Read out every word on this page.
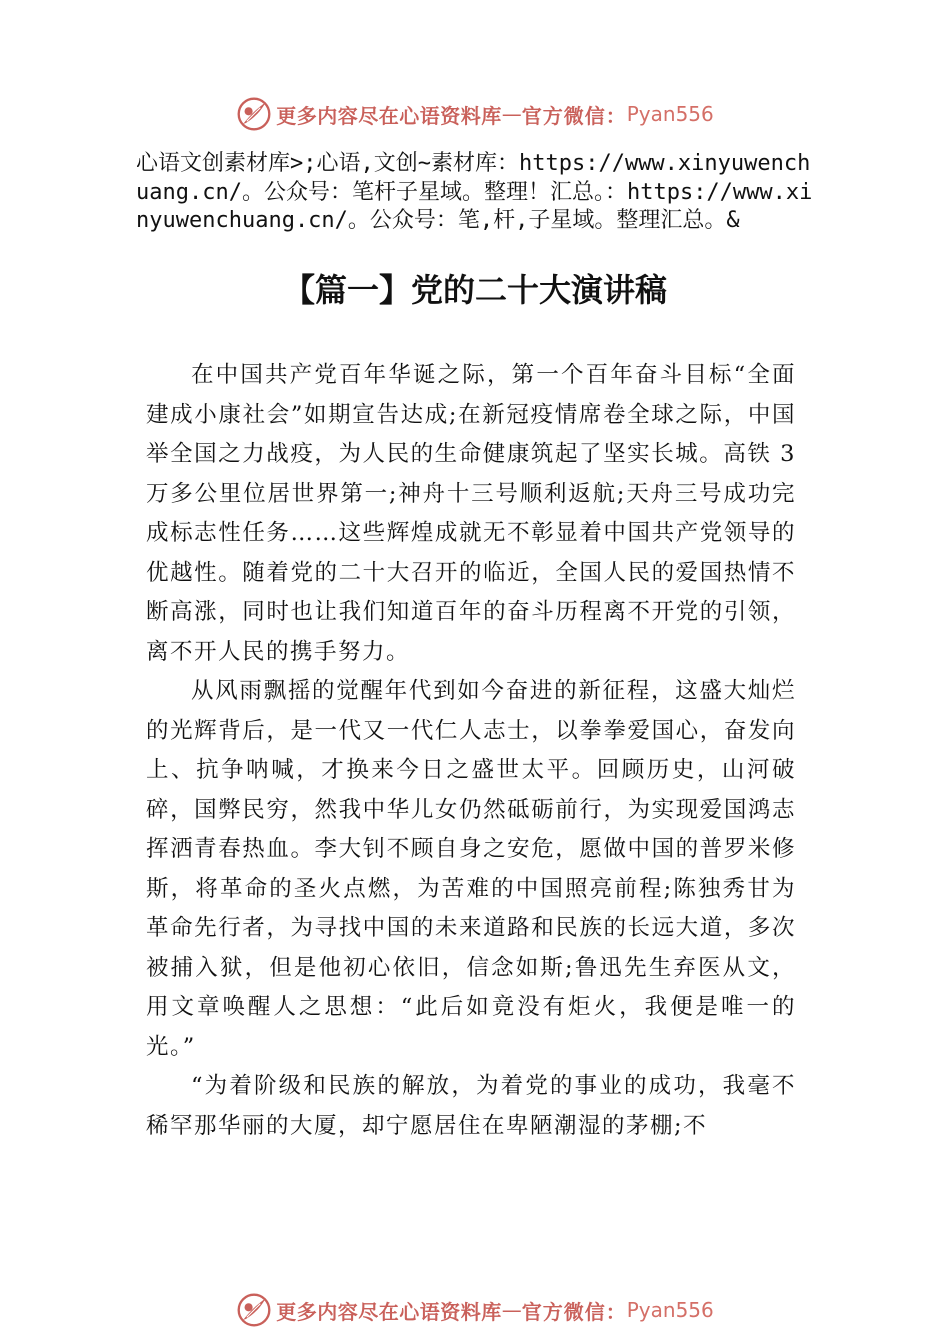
更多内容尽在心语资料库 — 官方微信： Pyan556

心语文创素材库>;心语,文创~素材库：https://www.xinyuwenchuang.cn/。公众号：笔杆子星域。整理！汇总。：https://www.xinyuwenchuang.cn/。公众号：笔,杆,子星域。整理汇总。&

【篇一】党的二十大演讲稿

在中国共产党百年华诞之际，第一个百年奋斗目标“全面建成小康社会”如期宣告达成;在新冠疫情席卷全球之际，中国举全国之力战疫，为人民的生命健康筑起了坚实长城。高铁 3 万多公里位居世界第一;神舟十三号顺利返航;天舟三号成功完成标志性任务……这些辉煌成就无不彰显着中国共产党领导的优越性。随着党的二十大召开的临近，全国人民的爱国热情不断高涨，同时也让我们知道百年的奋斗历程离不开党的引领，离不开人民的携手努力。

从风雨飘摇的觉醒年代到如今奋进的新征程，这盛大灿烂的光辉背后，是一代又一代仁人志士，以拳拳爱国心，奋发向上、抗争呐喊，才换来今日之盛世太平。回顾历史，山河破碎，国弊民穷，然我中华儿女仍然砥砺前行，为实现爱国鸿志挥洒青春热血。李大钊不顾自身之安危，愿做中国的普罗米修斯，将革命的圣火点燃，为苦难的中国照亮前程;陈独秀甘为革命先行者，为寻找中国的未来道路和民族的长远大道，多次被捕入狱，但是他初心依旧，信念如斯;鲁迅先生弃医从文，用文章唤醒人之思想：“此后如竟没有炬火，我便是唯一的光。”

“为着阶级和民族的解放，为着党的事业的成功，我毫不稀罕那华丽的大厦，却宁愿居住在卑陋潮湿的茅棚;不

更多内容尽在心语资料库 — 官方微信： Pyan556
